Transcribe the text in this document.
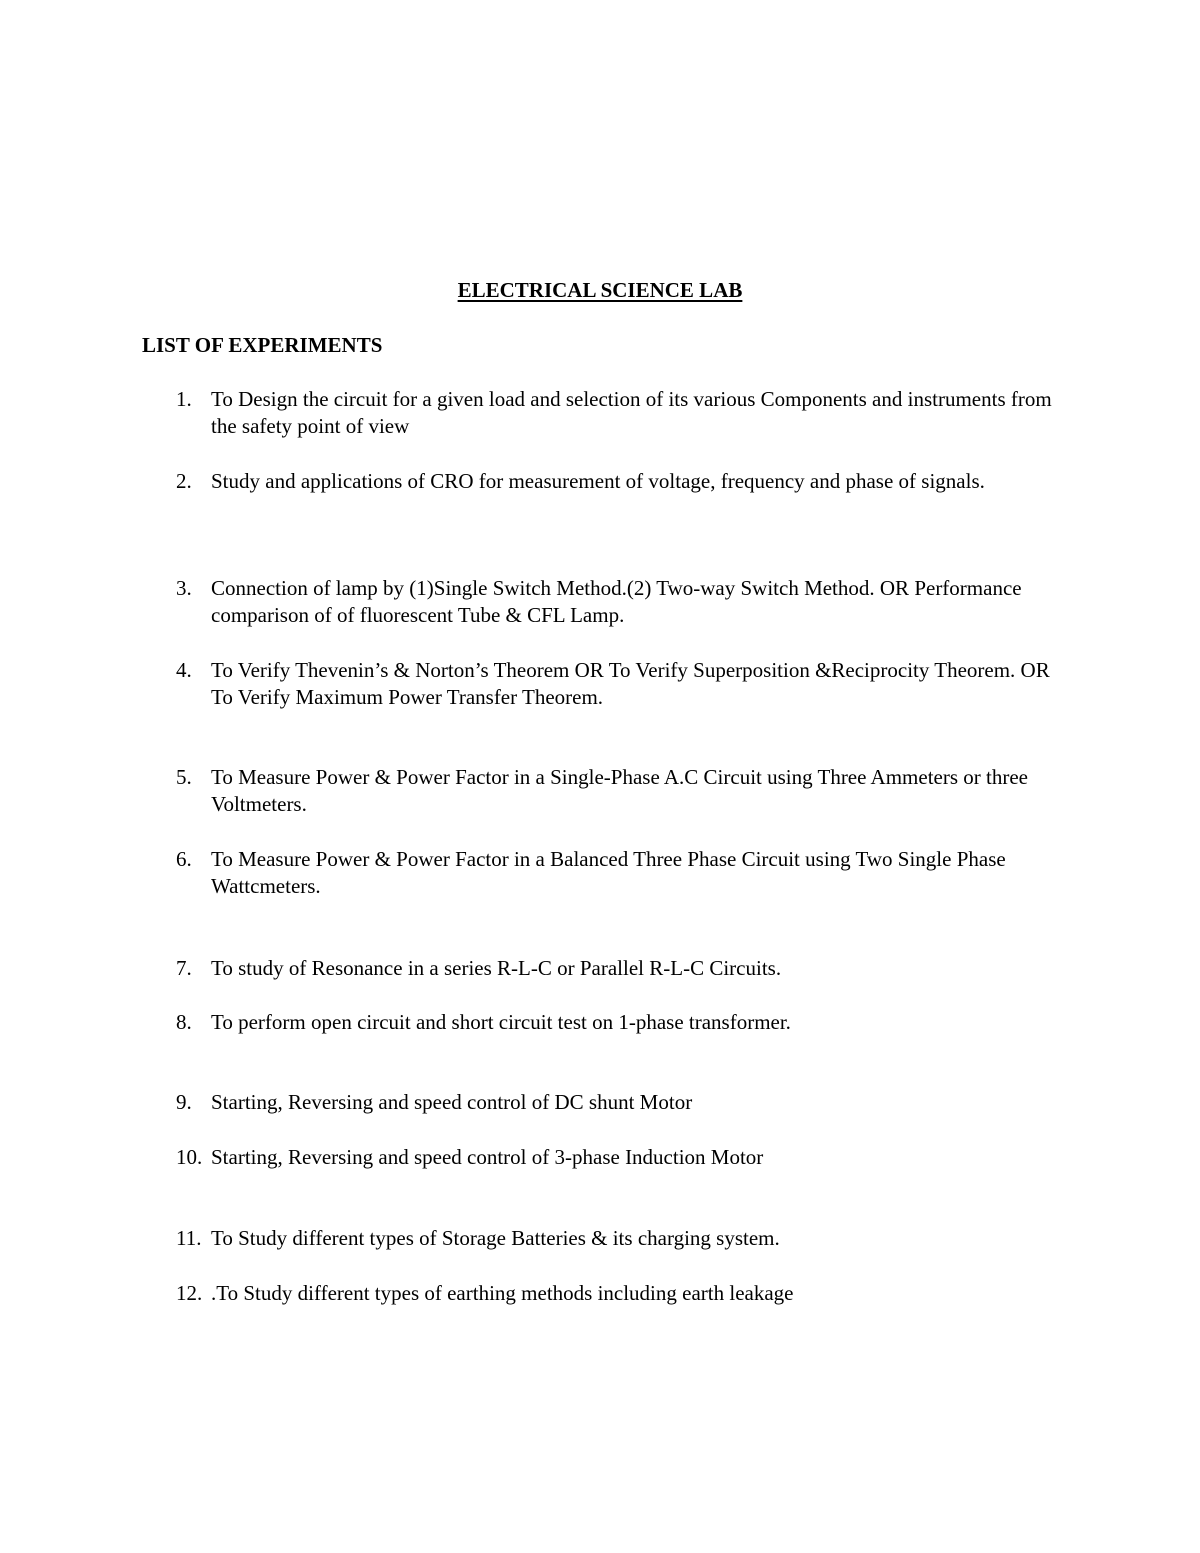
ELECTRICAL SCIENCE LAB
LIST OF EXPERIMENTS
1. To Design the circuit for a given load and selection of its various Components and instruments from the safety point of view
2. Study and applications of CRO for measurement of voltage, frequency and phase of signals.
3. Connection of lamp by (1)Single Switch Method.(2) Two-way Switch Method. OR Performance comparison of of fluorescent Tube & CFL Lamp.
4. To Verify Thevenin’s & Norton’s Theorem OR To Verify Superposition &Reciprocity Theorem. OR To Verify Maximum Power Transfer Theorem.
5. To Measure Power & Power Factor in a Single-Phase A.C Circuit using Three Ammeters or three Voltmeters.
6. To Measure Power & Power Factor in a Balanced Three Phase Circuit using Two Single Phase Wattcmeters.
7. To study of Resonance in a series R-L-C or Parallel R-L-C Circuits.
8. To perform open circuit and short circuit test on 1-phase transformer.
9. Starting, Reversing and speed control of DC shunt Motor
10. Starting, Reversing and speed control of 3-phase Induction Motor
11. To Study different types of Storage Batteries & its charging system.
12. .To Study different types of earthing methods including earth leakage
